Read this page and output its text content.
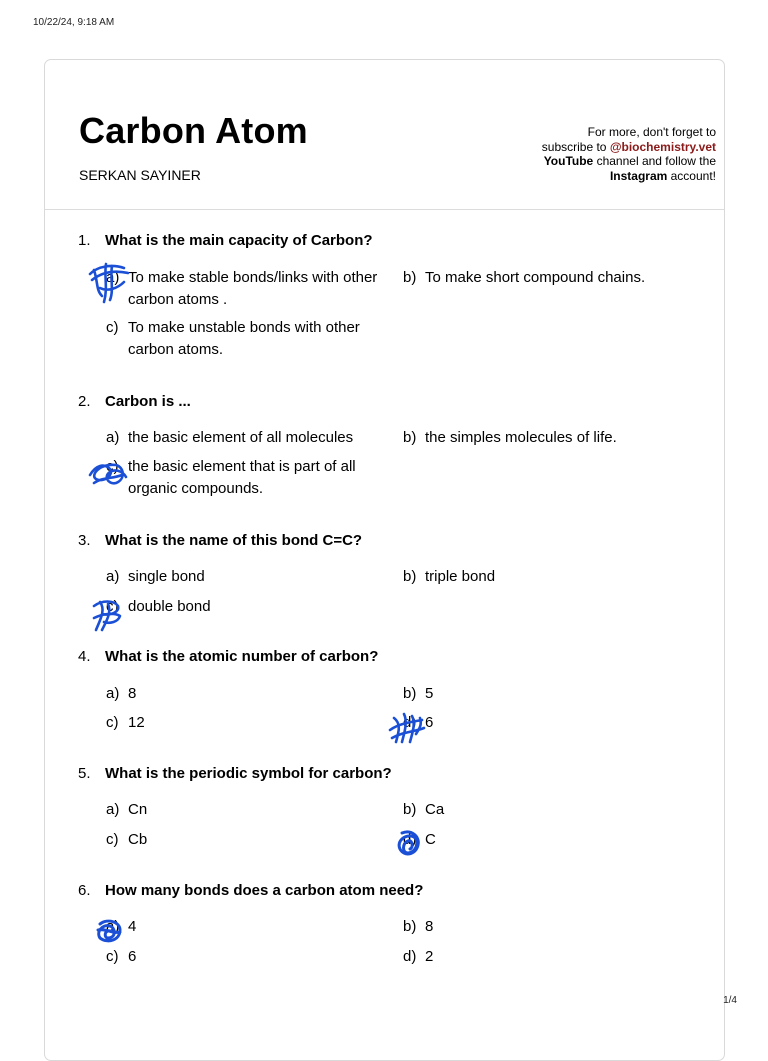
10/22/24, 9:18 AM
Carbon Atom
SERKAN SAYINER
For more, don't forget to
subscribe to @biochemistry.vet
YouTube channel and follow the
Instagram account!
1. What is the main capacity of Carbon?
a) To make stable bonds/links with other carbon atoms .
b) To make short compound chains.
c) To make unstable bonds with other carbon atoms.
2. Carbon is ...
a) the basic element of all molecules	b) the simples molecules of life.
c) the basic element that is part of all organic compounds.
3. What is the name of this bond C=C?
a) single bond	b) triple bond
c) double bond
4. What is the atomic number of carbon?
a) 8	b) 5
c) 12	d) 6
5. What is the periodic symbol for carbon?
a) Cn	b) Ca
c) Cb	d) C
6. How many bonds does a carbon atom need?
a) 4	b) 8
c) 6	d) 2
1/4
